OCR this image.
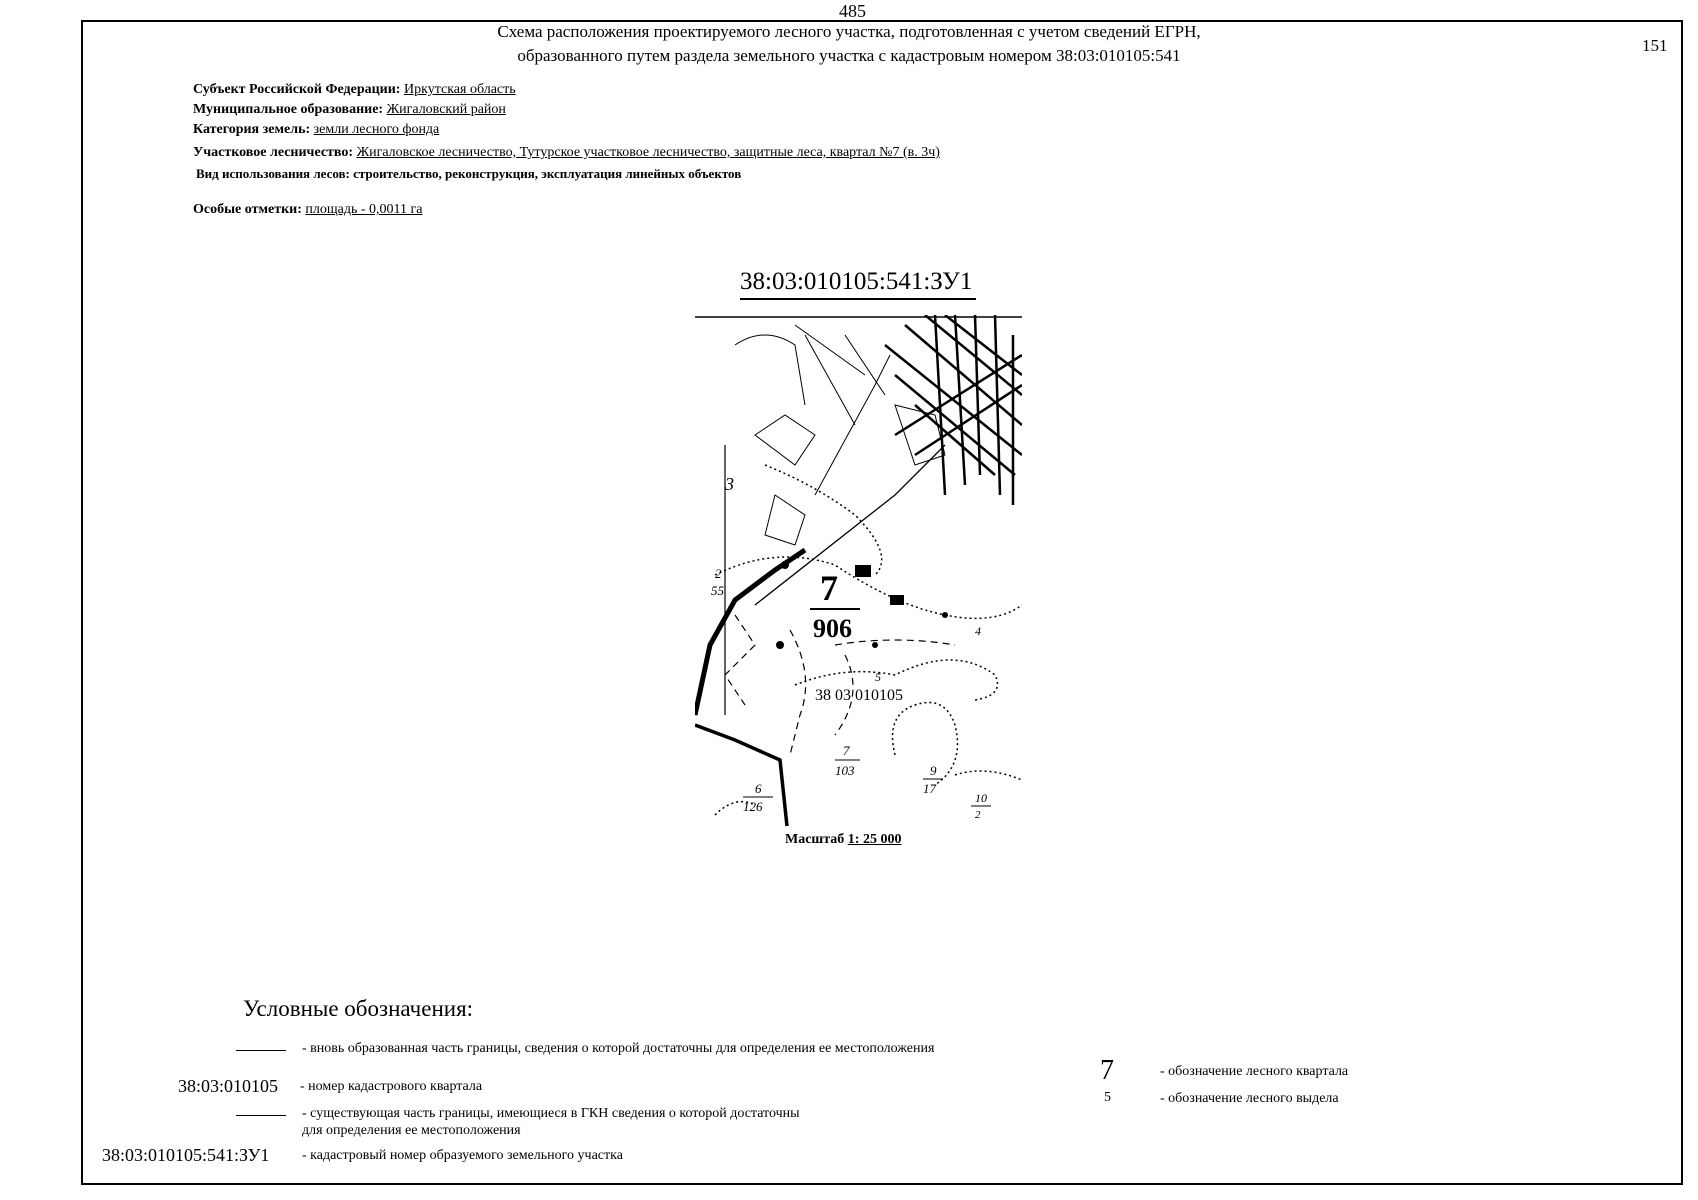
485
151
Схема расположения проектируемого лесного участка, подготовленная с учетом сведений ЕГРН,
образованного путем раздела земельного участка с кадастровым номером 38:03:010105:541
Субъект Российской Федерации: Иркутская область
Муниципальное образование: Жигаловский район
Категория земель: земли лесного фонда
Участковое лесничество: Жигаловское лесничество, Тутурское участковое лесничество, защитные леса, квартал №7 (в. 3ч)
Вид использования лесов: строительство, реконструкция, эксплуатация линейных объектов
Особые отметки: площадь - 0,0011 га
38:03:010105:541:ЗУ1
3
2
55	7
906
5
38 03 010105
7
103	9
17
6
126
10
2
4
Масштаб 1: 25 000
Условные обозначения:
- вновь образованная часть границы, сведения о которой достаточны для определения ее местоположения
38:03:010105 - номер кадастрового квартала
- существующая часть границы, имеющиеся в ГКН сведения о которой достаточны
для определения ее местоположения
38:03:010105:541:ЗУ1 - кадастровый номер образуемого земельного участка
7	- обозначение лесного квартала
5	- обозначение лесного выдела
